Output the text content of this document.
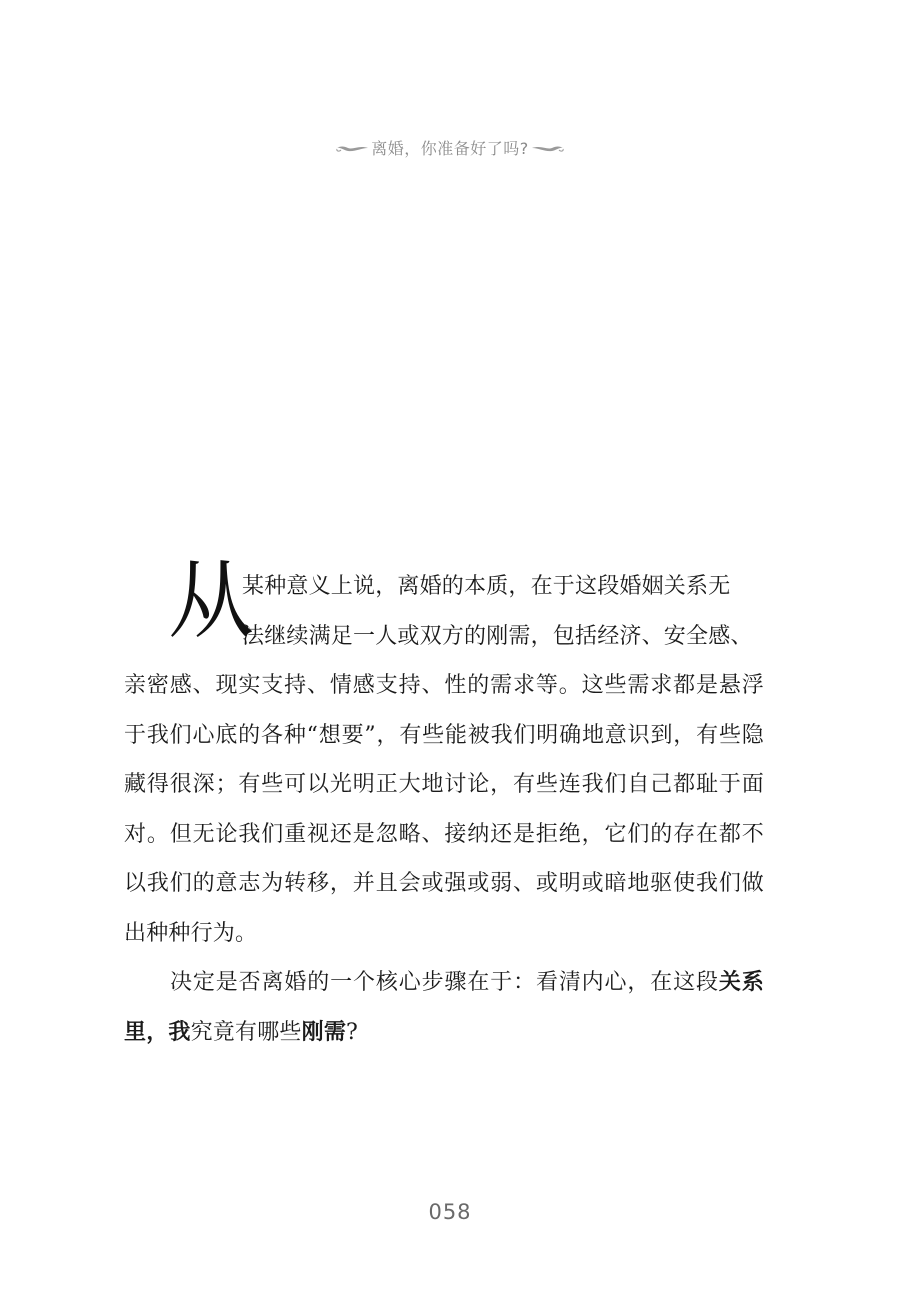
离婚，你准备好了吗?
从

某种意义上说，离婚的本质，在于这段婚姻关系无
法继续满足一人或双方的刚需，包括经济、安全感、
亲密感、现实支持、情感支持、性的需求等。这些需求都是悬浮于我们心底的各种“想要”，有些能被我们明确地意识到，有些隐藏得很深；有些可以光明正大地讨论，有些连我们自己都耻于面对。但无论我们重视还是忽略、接纳还是拒绝，它们的存在都不以我们的意志为转移，并且会或强或弱、或明或暗地驱使我们做出种种行为。

决定是否离婚的一个核心步骤在于：看清内心，在这段关系里，我究竟有哪些刚需?

058
